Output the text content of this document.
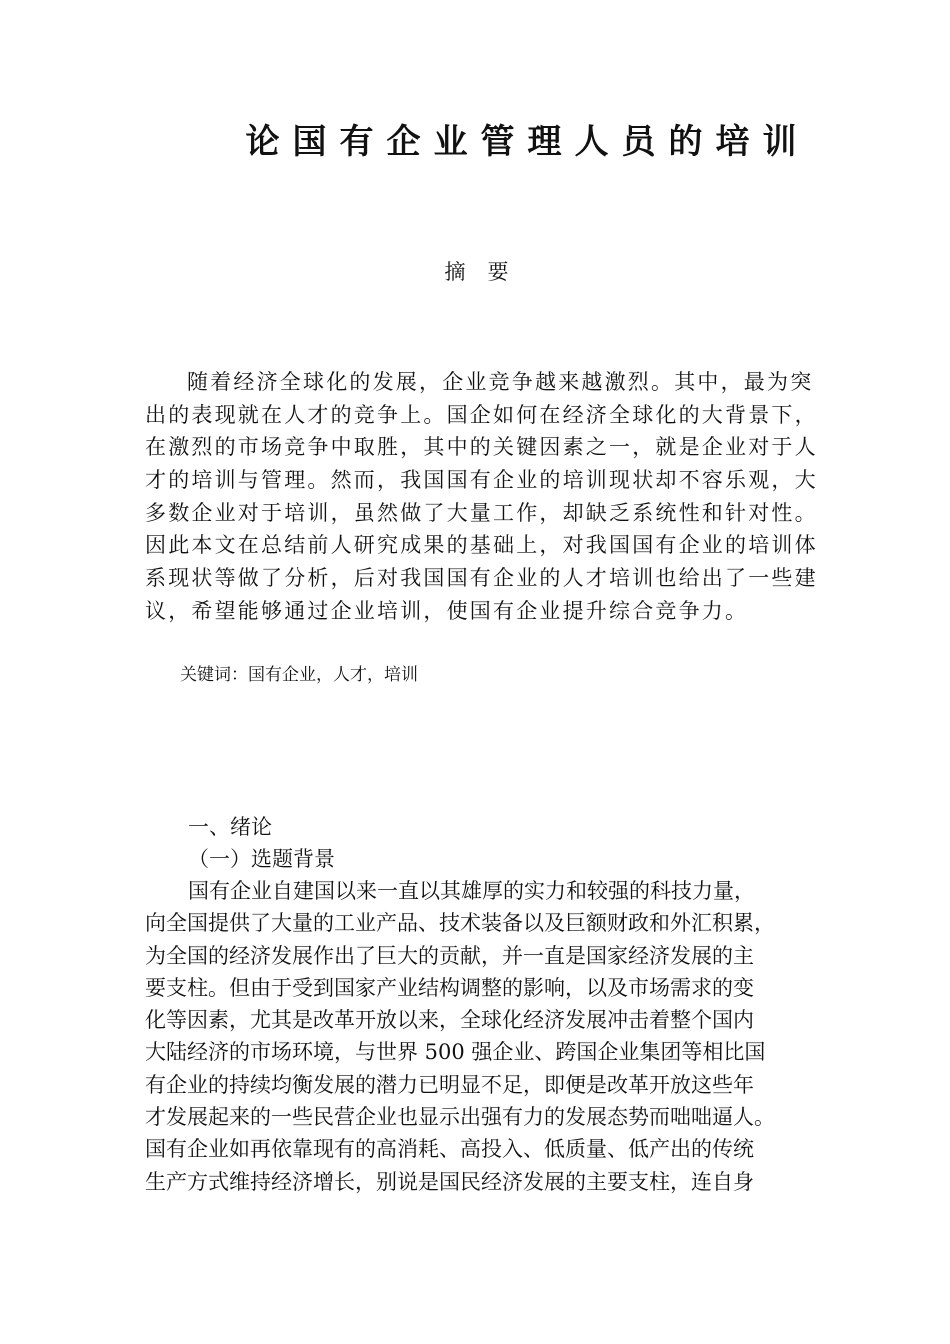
论国有企业管理人员的培训
摘要
随着经济全球化的发展，企业竞争越来越激烈。其中，最为突
出的表现就在人才的竞争上。国企如何在经济全球化的大背景下，
在激烈的市场竞争中取胜，其中的关键因素之一，就是企业对于人
才的培训与管理。然而，我国国有企业的培训现状却不容乐观，大
多数企业对于培训，虽然做了大量工作，却缺乏系统性和针对性。
因此本文在总结前人研究成果的基础上，对我国国有企业的培训体
系现状等做了分析，后对我国国有企业的人才培训也给出了一些建
议，希望能够通过企业培训，使国有企业提升综合竞争力。
关键词：国有企业，人才，培训
一、绪论
（一）选题背景
国有企业自建国以来一直以其雄厚的实力和较强的科技力量，
向全国提供了大量的工业产品、技术装备以及巨额财政和外汇积累，
为全国的经济发展作出了巨大的贡献，并一直是国家经济发展的主
要支柱。但由于受到国家产业结构调整的影响，以及市场需求的变
化等因素，尤其是改革开放以来，全球化经济发展冲击着整个国内
大陆经济的市场环境，与世界 500 强企业、跨国企业集团等相比国
有企业的持续均衡发展的潜力已明显不足，即便是改革开放这些年
才发展起来的一些民营企业也显示出强有力的发展态势而咄咄逼人。
国有企业如再依靠现有的高消耗、高投入、低质量、低产出的传统
生产方式维持经济增长，别说是国民经济发展的主要支柱，连自身
